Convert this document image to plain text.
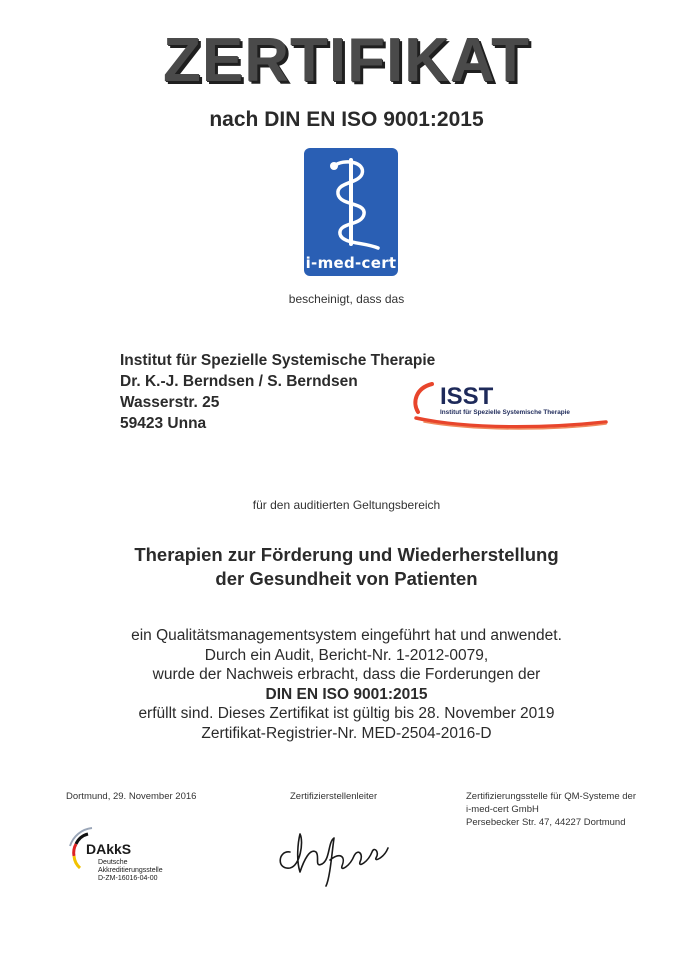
ZERTIFIKAT
nach DIN EN ISO 9001:2015
i-med-cert
bescheinigt, dass das
Institut für Spezielle Systemische Therapie
Dr. K.-J. Berndsen / S. Berndsen
Wasserstr. 25
59423 Unna
ISST
Institut für Spezielle Systemische Therapie
für den auditierten Geltungsbereich
Therapien zur Förderung und Wiederherstellung
der Gesundheit von Patienten
ein Qualitätsmanagementsystem eingeführt hat und anwendet.
Durch ein Audit, Bericht-Nr. 1-2012-0079,
wurde der Nachweis erbracht, dass die Forderungen der
DIN EN ISO 9001:2015
erfüllt sind. Dieses Zertifikat ist gültig bis 28. November 2019
Zertifikat-Registrier-Nr. MED-2504-2016-D
Dortmund, 29. November 2016	Zertifizierstellenleiter	Zertifizierungsstelle für QM-Systeme der
i-med-cert GmbH
Persebecker Str. 47, 44227 Dortmund
DAkkS
Deutsche
Akkreditierungsstelle
D-ZM-16016-04-00
